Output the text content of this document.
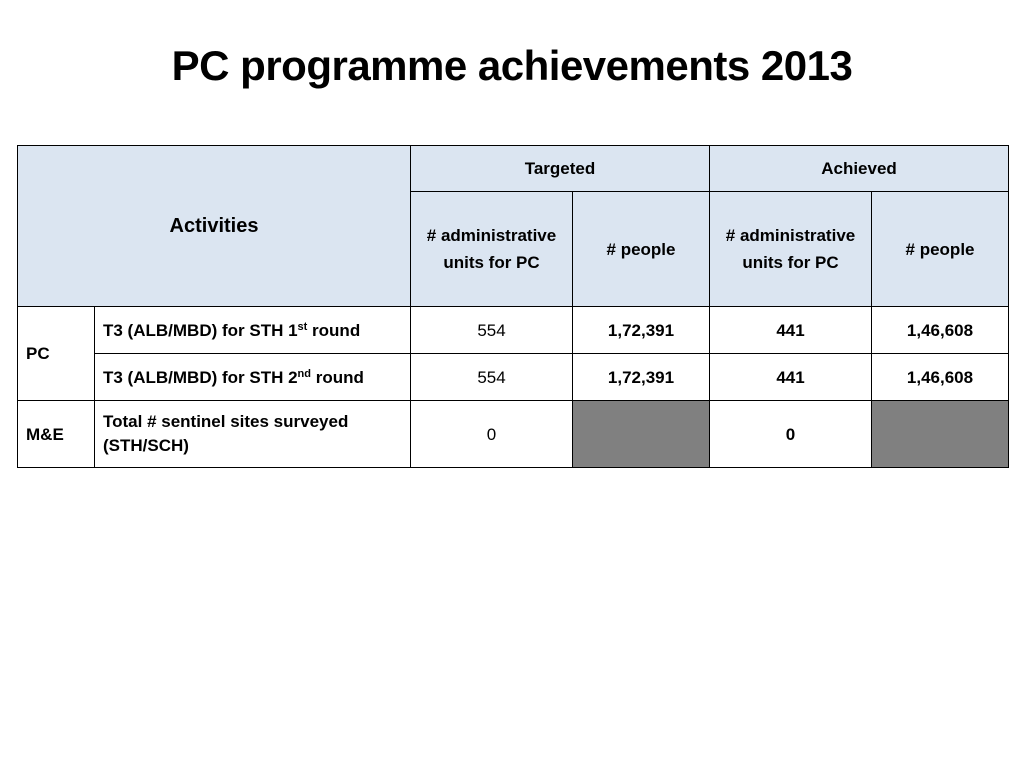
PC programme achievements 2013
Activities		Targeted		Achieved	
		# administrative units for PC	# people	# administrative units for PC	# people
PC	T3 (ALB/MBD) for STH 1st round	554	1,72,391	441	1,46,608
	T3 (ALB/MBD) for STH 2nd round	554	1,72,391	441	1,46,608
M&E	Total # sentinel sites surveyed (STH/SCH)	0		0	
